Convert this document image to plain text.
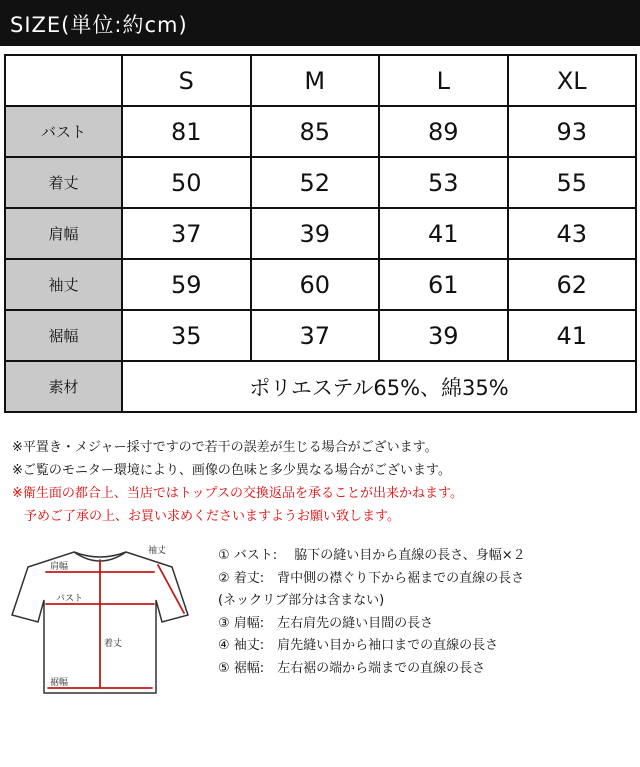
SIZE(単位:約cm)
	S	M	L	XL
バスト	81	85	89	93
着丈	50	52	53	55
肩幅	37	39	41	43
袖丈	59	60	61	62
裾幅	35	37	39	41
素材	ポリエステル65%、綿35%			
※平置き・メジャー採寸ですので若干の誤差が生じる場合がございます。
※ご覧のモニター環境により、画像の色味と多少異なる場合がございます。
※衛生面の都合上、当店ではトップスの交換返品を承ることが出来かねます。
予めご了承の上、お買い求めくださいますようお願い致します。
袖丈
肩幅
バスト
着丈
裾幅
① バスト:　 脇下の縫い目から直線の長さ、身幅×２
② 着丈:　背中側の襟ぐり下から裾までの直線の長さ
(ネックリブ部分は含まない)
③ 肩幅:　左右肩先の縫い目間の長さ
④ 袖丈:　肩先縫い目から袖口までの直線の長さ
⑤ 裾幅:　左右裾の端から端までの直線の長さ
